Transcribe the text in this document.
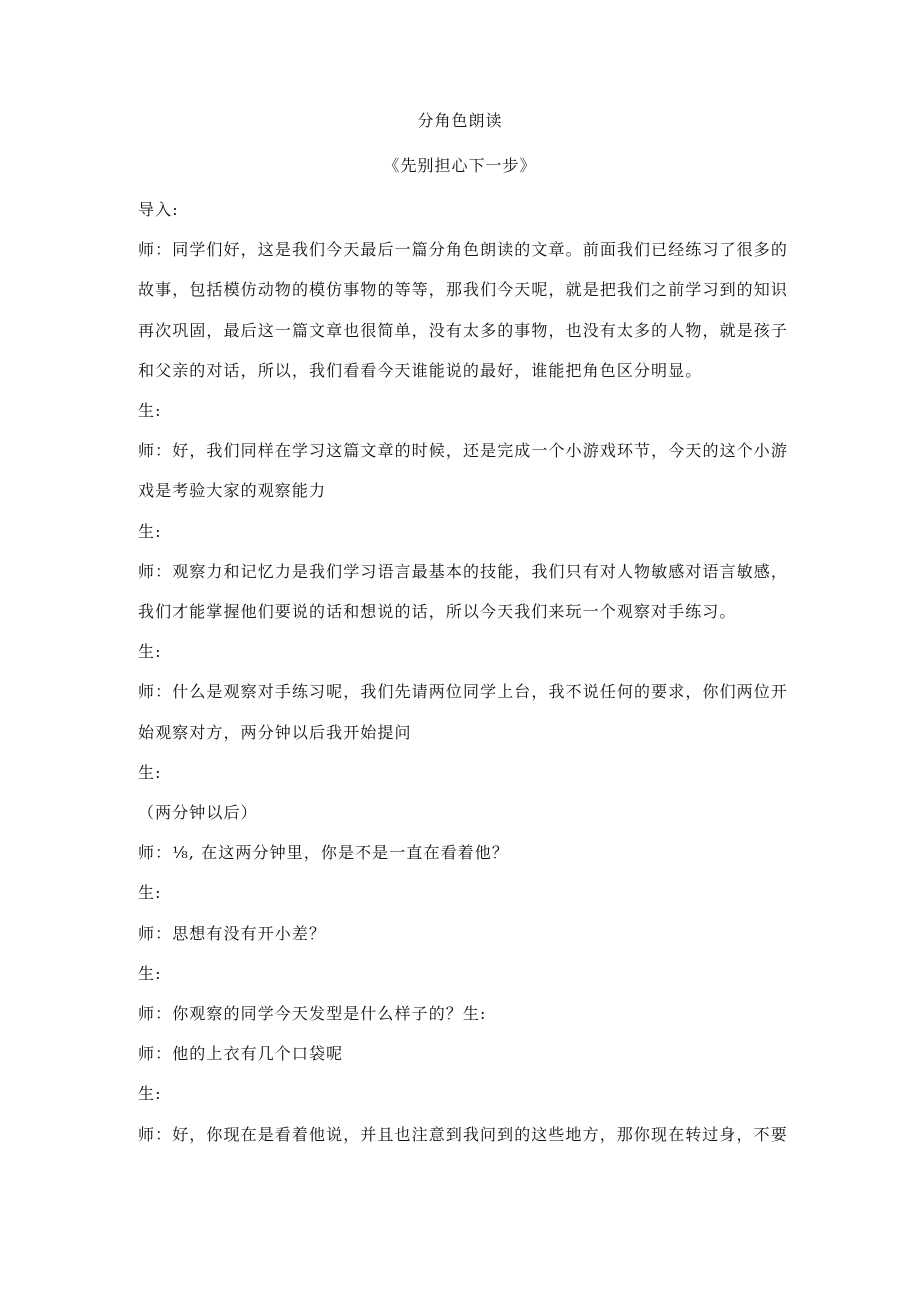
分角色朗读
《先别担心下一步》

导入:

师：同学们好，这是我们今天最后一篇分角色朗读的文章。前面我们已经练习了很多的故事，包括模仿动物的模仿事物的等等，那我们今天呢，就是把我们之前学习到的知识再次巩固，最后这一篇文章也很简单，没有太多的事物，也没有太多的人物，就是孩子和父亲的对话，所以，我们看看今天谁能说的最好，谁能把角色区分明显。

生:

师：好，我们同样在学习这篇文章的时候，还是完成一个小游戏环节，今天的这个小游戏是考验大家的观察能力

生:

师：观察力和记忆力是我们学习语言最基本的技能，我们只有对人物敏感对语言敏感，我们才能掌握他们要说的话和想说的话，所以今天我们来玩一个观察对手练习。

生:

师：什么是观察对手练习呢，我们先请两位同学上台，我不说任何的要求，你们两位开始观察对方，两分钟以后我开始提问

生:

（两分钟以后）

师：⅛, 在这两分钟里，你是不是一直在看着他？

生:

师：思想有没有开小差？

生:

师：你观察的同学今天发型是什么样子的？生:

师：他的上衣有几个口袋呢

生:

师：好，你现在是看着他说，并且也注意到我问到的这些地方，那你现在转过身，不要
